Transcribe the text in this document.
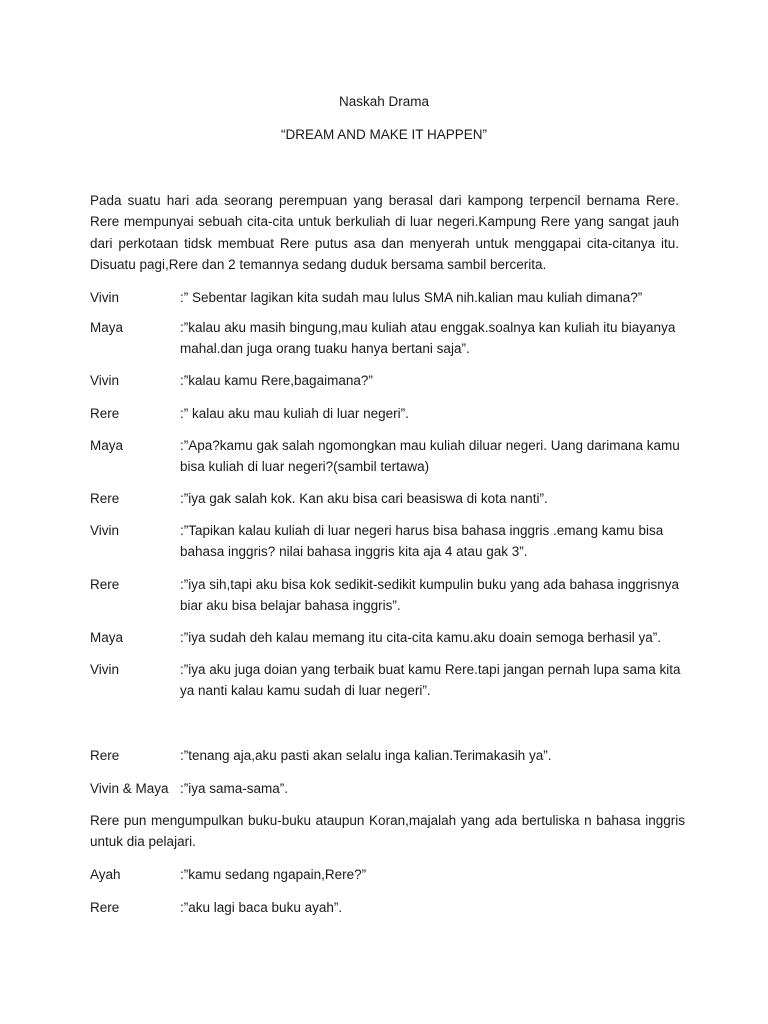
Naskah Drama
“DREAM AND MAKE IT HAPPEN”
Pada suatu hari ada seorang perempuan yang berasal dari kampong terpencil bernama Rere. Rere mempunyai sebuah cita-cita untuk berkuliah di luar negeri.Kampung Rere yang sangat jauh dari perkotaan tidsk membuat Rere putus asa dan menyerah untuk menggapai cita-citanya itu. Disuatu pagi,Rere dan 2 temannya sedang duduk bersama sambil bercerita.
Vivin	:” Sebentar lagikan kita sudah mau lulus SMA nih.kalian mau kuliah dimana?”
Maya	:”kalau aku masih bingung,mau kuliah atau enggak.soalnya kan kuliah itu biayanya mahal.dan juga orang tuaku hanya bertani saja”.
Vivin	:”kalau kamu Rere,bagaimana?”
Rere	:” kalau aku mau kuliah di luar negeri”.
Maya	:”Apa?kamu gak salah ngomongkan mau kuliah diluar negeri. Uang darimana kamu bisa kuliah di luar negeri?(sambil tertawa)
Rere	:”iya gak salah kok. Kan aku bisa cari beasiswa di kota nanti”.
Vivin	:”Tapikan kalau kuliah di luar negeri harus bisa bahasa inggris .emang kamu bisa bahasa inggris? nilai bahasa inggris kita aja 4 atau gak 3”.
Rere	:”iya sih,tapi aku bisa kok sedikit-sedikit kumpulin buku yang ada bahasa inggrisnya biar aku bisa belajar bahasa inggris”.
Maya	:”iya sudah deh kalau memang itu cita-cita kamu.aku doain semoga berhasil ya”.
Vivin	:”iya aku juga doian yang terbaik buat kamu Rere.tapi jangan pernah lupa sama kita ya nanti kalau kamu sudah di luar negeri”.
Rere	:”tenang aja,aku pasti akan selalu inga kalian.Terimakasih ya”.
Vivin & Maya :”iya sama-sama”.
Rere pun mengumpulkan buku-buku ataupun Koran,majalah yang ada bertuliska n bahasa inggris untuk dia pelajari.
Ayah	:”kamu sedang ngapain,Rere?”
Rere	:”aku lagi baca buku ayah”.
